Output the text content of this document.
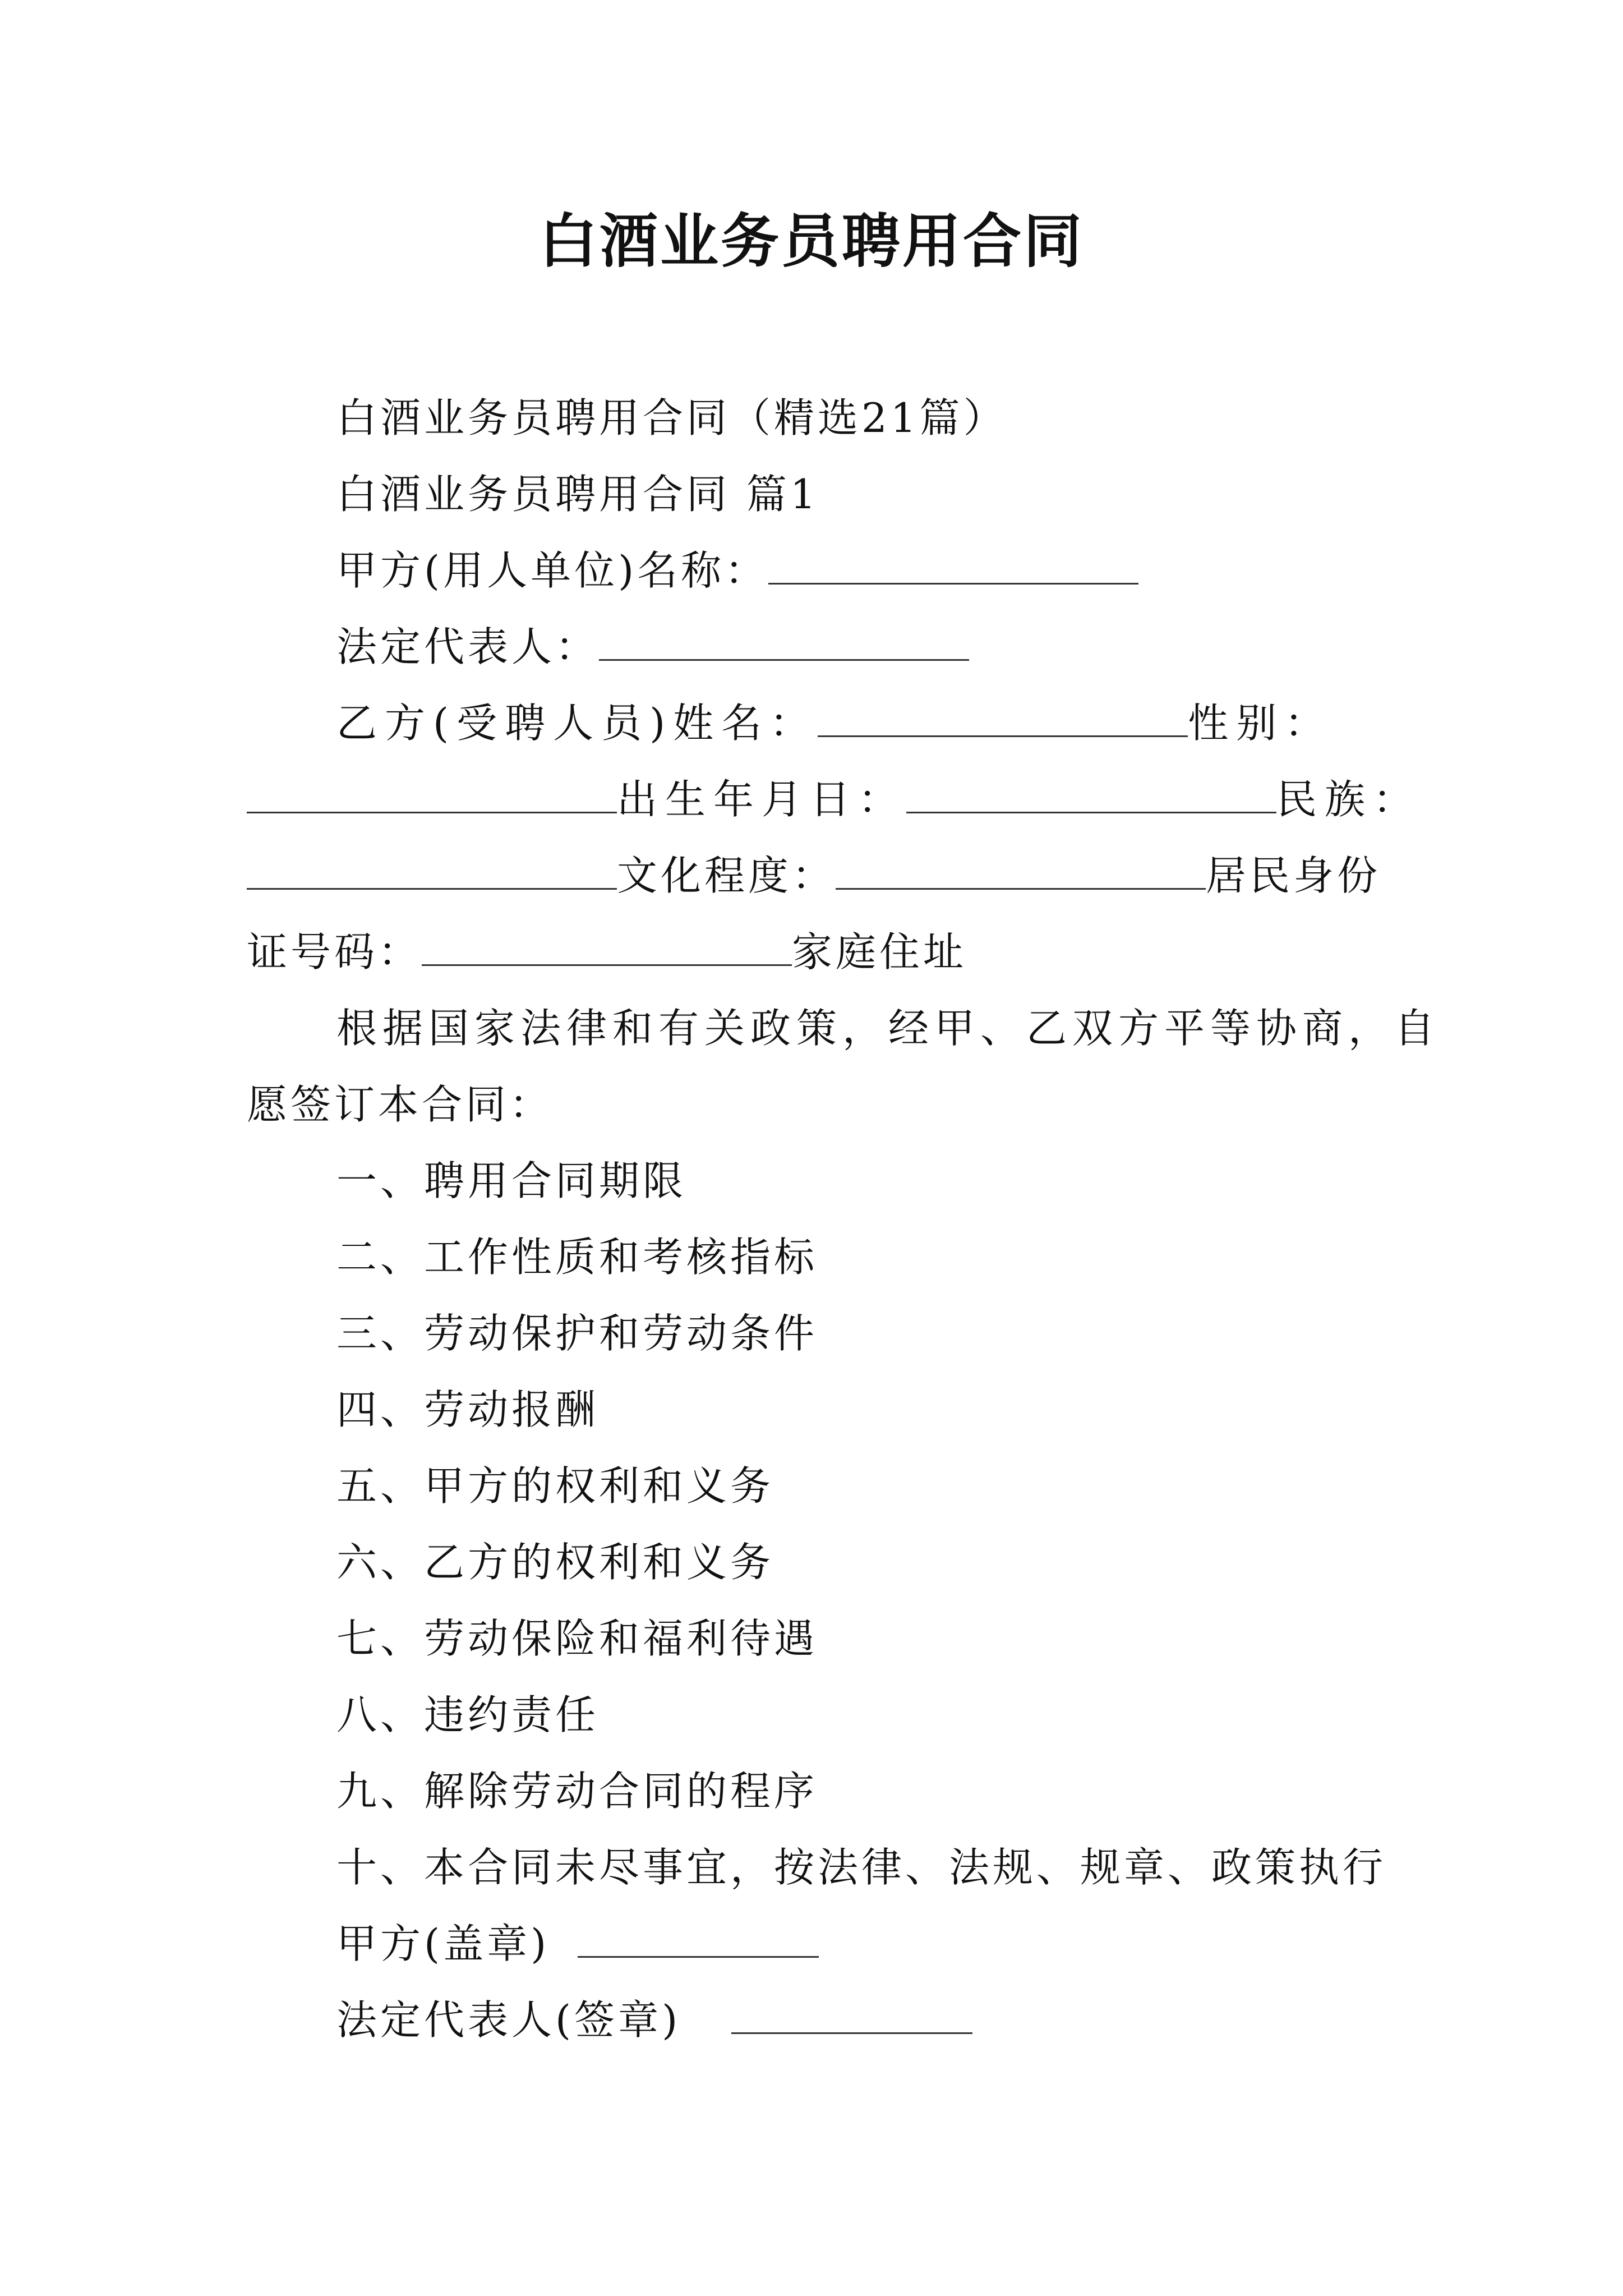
白酒业务员聘用合同
白酒业务员聘用合同（精选21篇）
白酒业务员聘用合同 篇1
甲方(用人单位)名称：
法定代表人：
乙方(受聘人员)姓名：	性别：
出生年月日：	民族：
文化程度：	居民身份
证号码：	家庭住址
根据国家法律和有关政策，经甲、乙双方平等协商，自
愿签订本合同：
一、聘用合同期限
二、工作性质和考核指标
三、劳动保护和劳动条件
四、劳动报酬
五、甲方的权利和义务
六、乙方的权利和义务
七、劳动保险和福利待遇
八、违约责任
九、解除劳动合同的程序
十、本合同未尽事宜，按法律、法规、规章、政策执行
甲方(盖章)
法定代表人(签章)
